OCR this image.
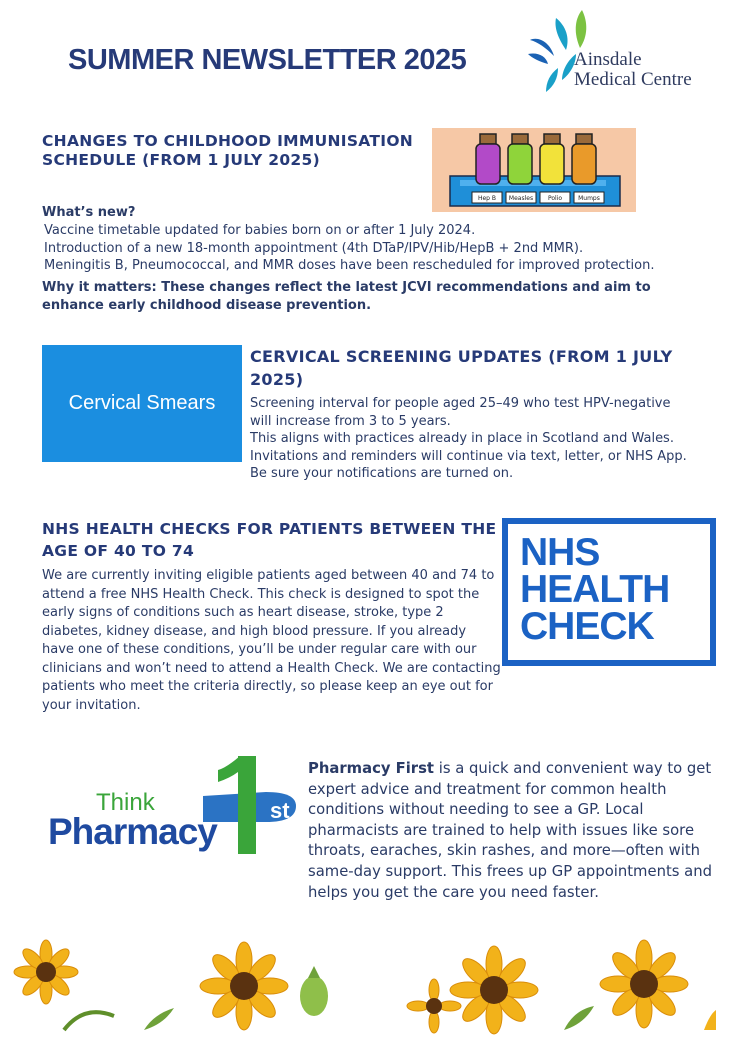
SUMMER NEWSLETTER 2025	Ainsdale
Medical Centre
CHANGES TO CHILDHOOD IMMUNISATION SCHEDULE (FROM 1 JULY 2025)
Hep B Measles Polio	Mumps
What’s new?
Vaccine timetable updated for babies born on or after 1 July 2024.
Introduction of a new 18-month appointment (4th DTaP/IPV/Hib/HepB + 2nd MMR).
Meningitis B, Pneumococcal, and MMR doses have been rescheduled for improved protection.
Why it matters: These changes reflect the latest JCVI recommendations and aim to enhance early childhood disease prevention.
Cervical Smears
CERVICAL SCREENING UPDATES (FROM 1 JULY 2025)
Screening interval for people aged 25–49 who test HPV-negative will increase from 3 to 5 years.
This aligns with practices already in place in Scotland and Wales.
Invitations and reminders will continue via text, letter, or NHS App. Be sure your notifications are turned on.
NHS HEALTH CHECKS FOR PATIENTS BETWEEN THE AGE OF 40 TO 74
We are currently inviting eligible patients aged between 40 and 74 to attend a free NHS Health Check. This check is designed to spot the early signs of conditions such as heart disease, stroke, type 2 diabetes, kidney disease, and high blood pressure. If you already have one of these conditions, you’ll be under regular care with our clinicians and won’t need to attend a Health Check. We are contacting patients who meet the criteria directly, so please keep an eye out for your invitation.
NHS
HEALTH
CHECK
Think
Pharmacy
st
1
Pharmacy First is a quick and convenient way to get expert advice and treatment for common health conditions without needing to see a GP. Local pharmacists are trained to help with issues like sore throats, earaches, skin rashes, and more—often with same-day support. This frees up GP appointments and helps you get the care you need faster.
